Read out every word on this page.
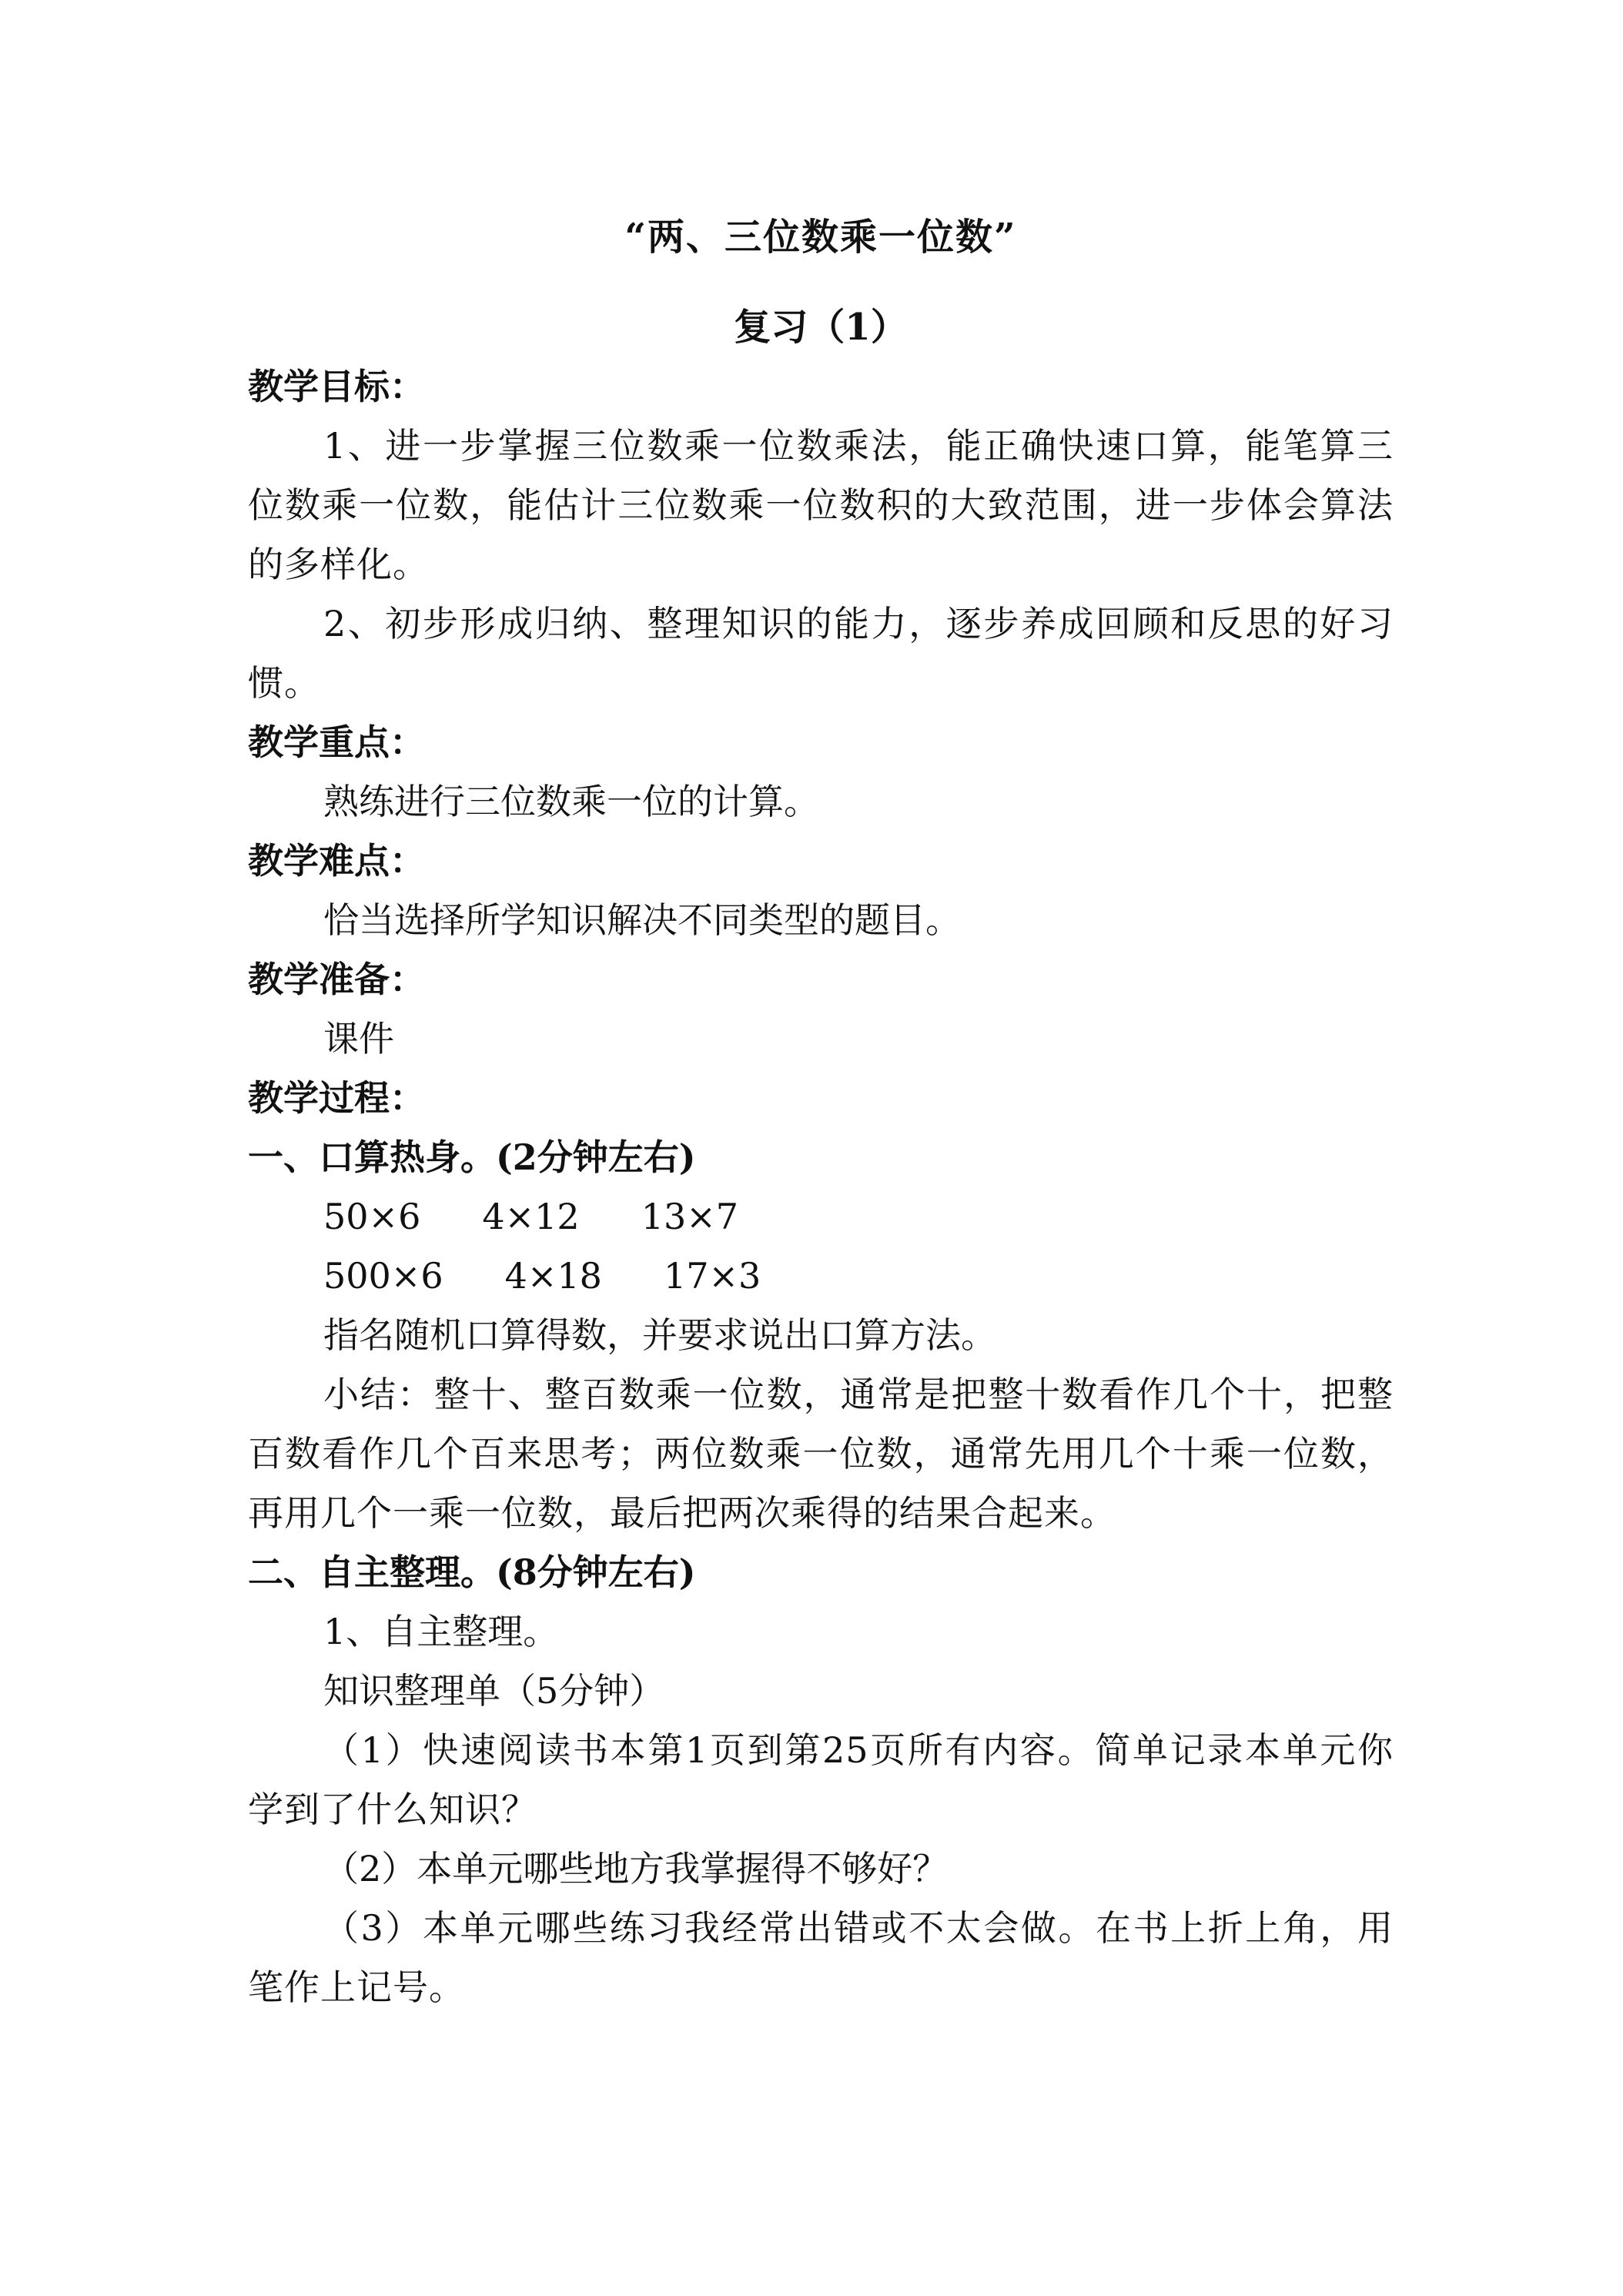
“两、三位数乘一位数”
复习（1）
教学目标：
1、进一步掌握三位数乘一位数乘法，能正确快速口算，能笔算三位数乘一位数，能估计三位数乘一位数积的大致范围，进一步体会算法的多样化。
2、初步形成归纳、整理知识的能力，逐步养成回顾和反思的好习惯。
教学重点：
熟练进行三位数乘一位的计算。
教学难点：
恰当选择所学知识解决不同类型的题目。
教学准备：
课件
教学过程：
一、口算热身。(2分钟左右)
50×6 4×12 13×7
500×6 4×18 17×3
指名随机口算得数，并要求说出口算方法。
小结：整十、整百数乘一位数，通常是把整十数看作几个十，把整百数看作几个百来思考；两位数乘一位数，通常先用几个十乘一位数，再用几个一乘一位数，最后把两次乘得的结果合起来。
二、自主整理。(8分钟左右)
1、自主整理。
知识整理单（5分钟）
（1）快速阅读书本第1页到第25页所有内容。简单记录本单元你学到了什么知识？
（2）本单元哪些地方我掌握得不够好？
（3）本单元哪些练习我经常出错或不太会做。在书上折上角，用笔作上记号。
